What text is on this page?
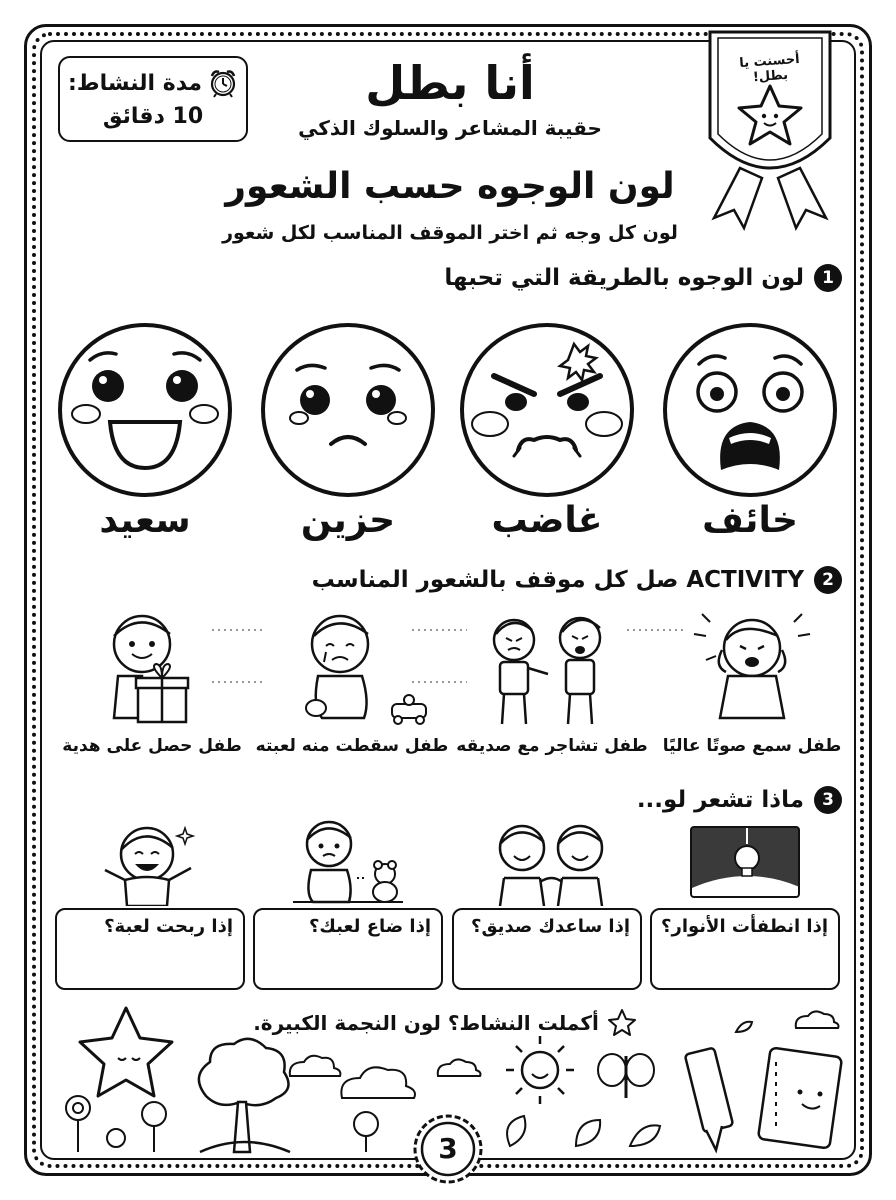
مدة النشاط:
10 دقائق
أحسنت يا بطل!
أنا بطل
حقيبة المشاعر والسلوك الذكي
لون الوجوه حسب الشعور
لون كل وجه ثم اختر الموقف المناسب لكل شعور
1
لون الوجوه بالطريقة التي تحبها
خائف
غاضب
حزين
سعيد
2
ACTIVITY صل كل موقف بالشعور المناسب
طفل سمع صوتًا عاليًا
طفل تشاجر مع صديقه
طفل سقطت منه لعبته
طفل حصل على هدية
3
ماذا تشعر لو...
إذا انطفأت الأنوار؟
إذا ساعدك صديق؟
إذا ضاع لعبك؟
إذا ربحت لعبة؟
أكملت النشاط؟ لون النجمة الكبيرة.
3
